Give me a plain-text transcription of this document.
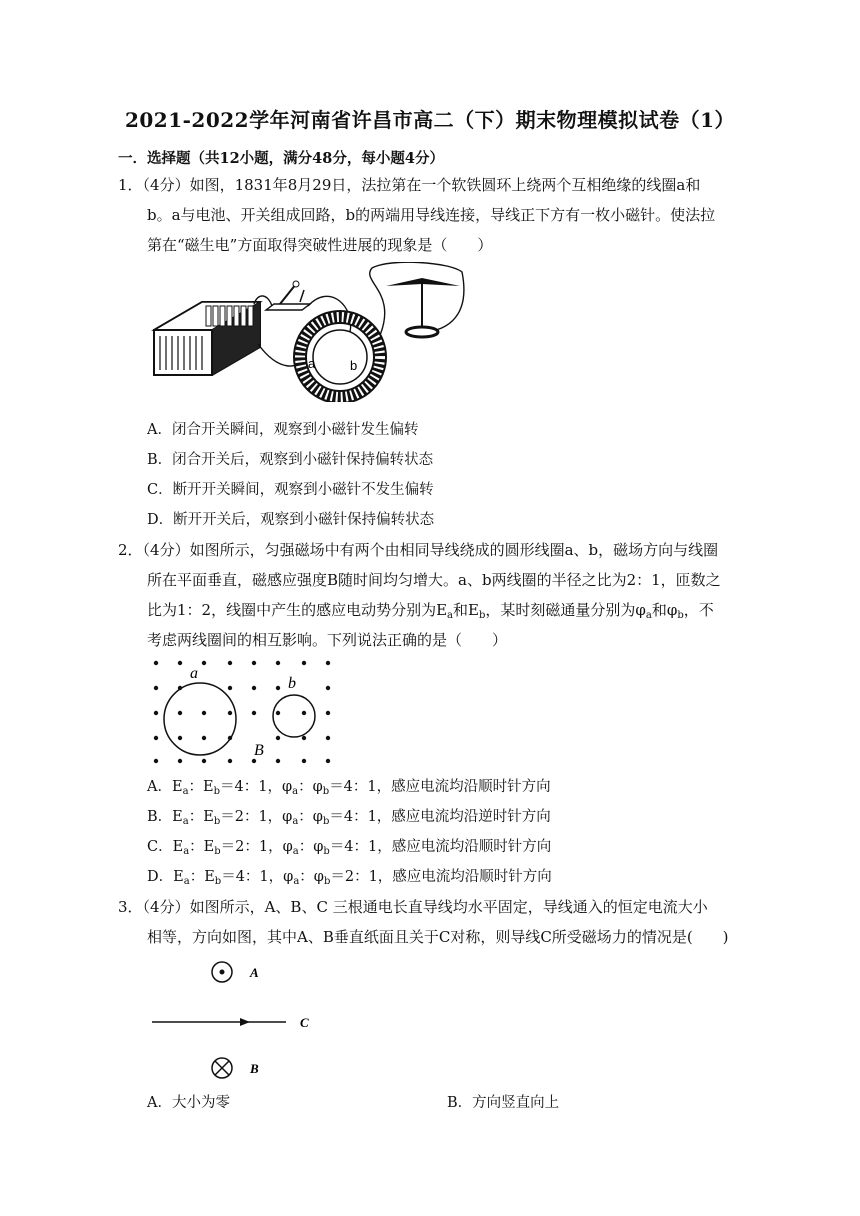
2021-2022学年河南省许昌市高二（下）期末物理模拟试卷（1）
一．选择题（共12小题，满分48分，每小题4分）
1．（4分）如图，1831年8月29日，法拉第在一个软铁圆环上绕两个互相绝缘的线圈a和
b。a与电池、开关组成回路，b的两端用导线连接，导线正下方有一枚小磁针。使法拉
第在“磁生电”方面取得突破性进展的现象是（　　）
a	b
A．闭合开关瞬间，观察到小磁针发生偏转
B．闭合开关后，观察到小磁针保持偏转状态
C．断开开关瞬间，观察到小磁针不发生偏转
D．断开开关后，观察到小磁针保持偏转状态
2．（4分）如图所示，匀强磁场中有两个由相同导线绕成的圆形线圈a、b，磁场方向与线圈
所在平面垂直，磁感应强度B随时间均匀增大。a、b两线圈的半径之比为2：1，匝数之
比为1：2，线圈中产生的感应电动势分别为$E_a$和$E_b$，某时刻磁通量分别为$\varphi_a$和$\varphi_b$，不
考虑两线圈间的相互影响。下列说法正确的是（　　）
a
b
B
A．$E_a$：$E_b=4$：1，$\varphi_a$：$\varphi_b=4$：1，感应电流均沿顺时针方向
B．$E_a$：$E_b=2$：1，$\varphi_a$：$\varphi_b=4$：1，感应电流均沿逆时针方向
C．$E_a$：$E_b=2$：1，$\varphi_a$：$\varphi_b=4$：1，感应电流均沿顺时针方向
D．$E_a$：$E_b=4$：1，$\varphi_a$：$\varphi_b=2$：1，感应电流均沿顺时针方向
3．（4分）如图所示，A、B、C 三根通电长直导线均水平固定，导线通入的恒定电流大小
相等，方向如图，其中A、B垂直纸面且关于C对称，则导线C所受磁场力的情况是(　　)
A
C
B
A．大小为零	B．方向竖直向上
